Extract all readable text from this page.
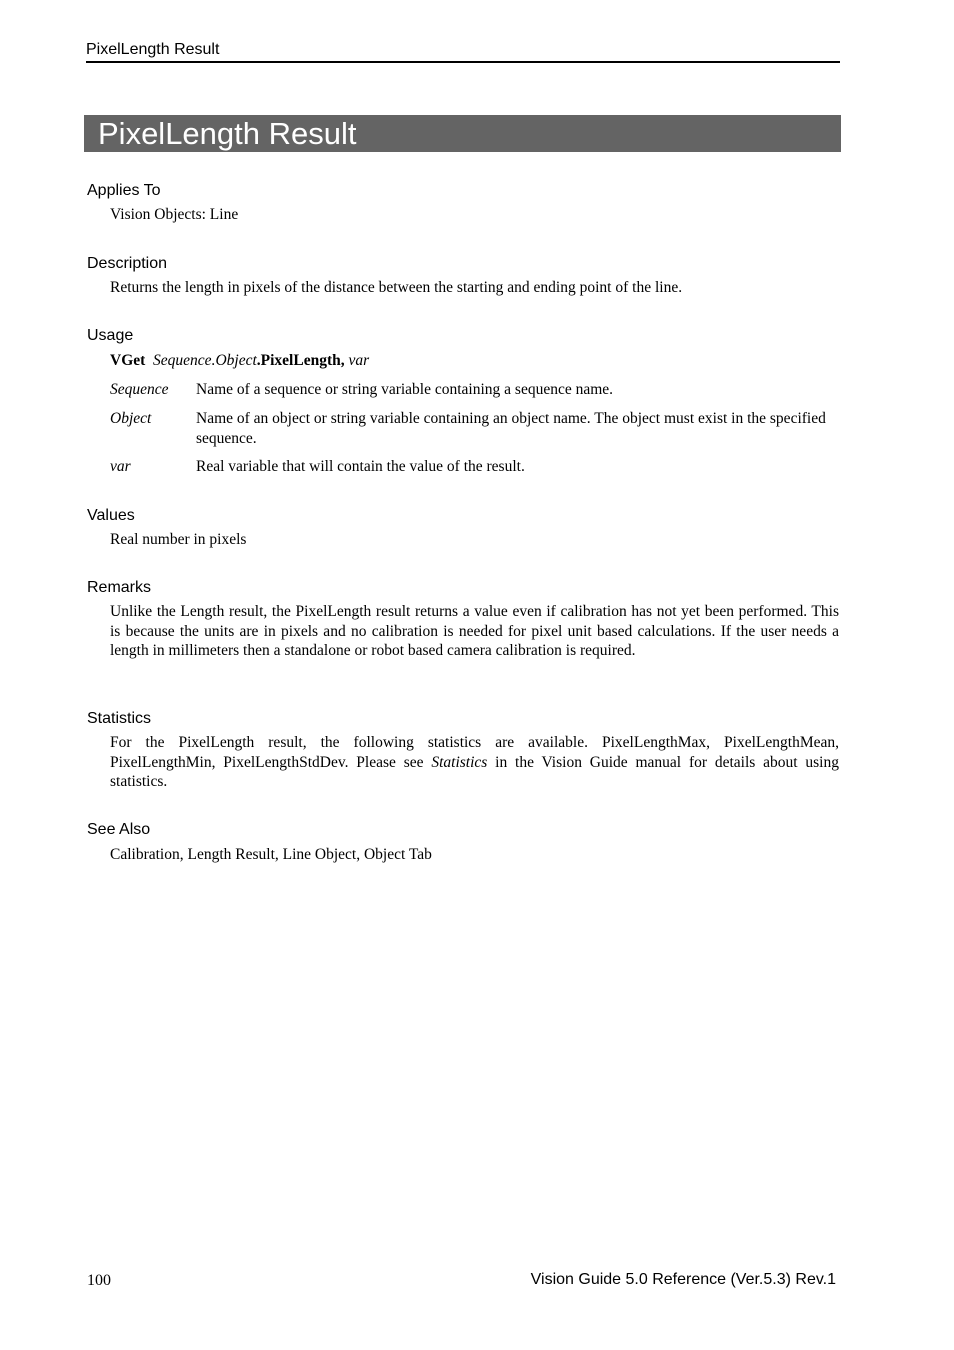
PixelLength Result
PixelLength Result
Applies To
Vision Objects: Line
Description
Returns the length in pixels of the distance between the starting and ending point of the line.
Usage
VGet Sequence.Object.PixelLength, var
Sequence Name of a sequence or string variable containing a sequence name.
Object	Name of an object or string variable containing an object name. The object must exist in the specified sequence.
var	Real variable that will contain the value of the result.
Values
Real number in pixels
Remarks
Unlike the Length result, the PixelLength result returns a value even if calibration has not yet been performed. This is because the units are in pixels and no calibration is needed for pixel unit based calculations. If the user needs a length in millimeters then a standalone or robot based camera calibration is required.
Statistics
For the PixelLength result, the following statistics are available. PixelLengthMax, PixelLengthMean, PixelLengthMin, PixelLengthStdDev. Please see Statistics in the Vision Guide manual for details about using statistics.
See Also
Calibration, Length Result, Line Object, Object Tab
100	Vision Guide 5.0 Reference (Ver.5.3) Rev.1
